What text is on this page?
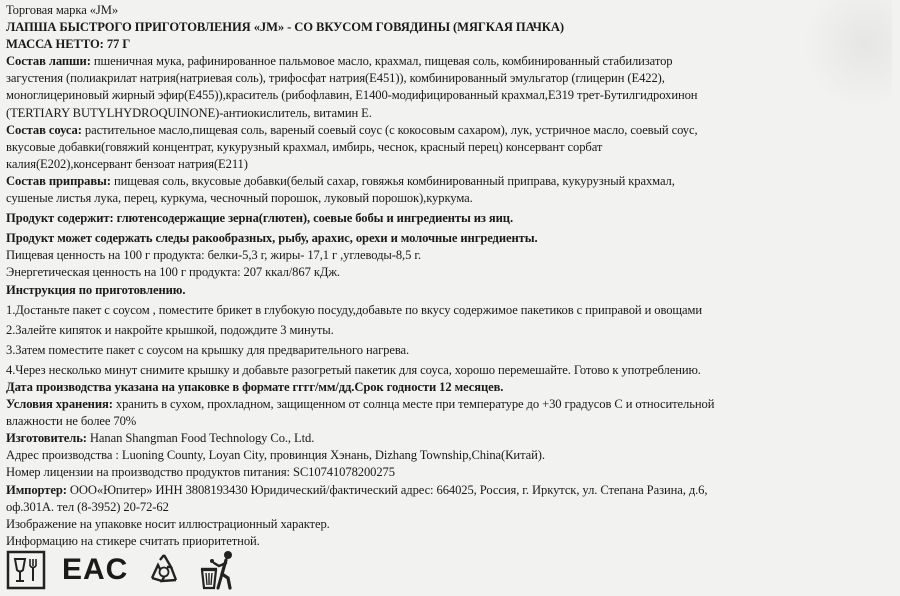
Торговая марка «JM»
ЛАПША БЫСТРОГО ПРИГОТОВЛЕНИЯ «JM» - СО ВКУСОМ ГОВЯДИНЫ (МЯГКАЯ ПАЧКА)
МАССА НЕТТО: 77 Г
Состав лапши: пшеничная мука, рафинированное пальмовое масло, крахмал, пищевая соль, комбинированный стабилизатор
загустения (полиакрилат натрия(натриевая соль), трифосфат натрия(Е451)), комбинированный эмульгатор (глицерин (Е422),
моноглицериновый жирный эфир(Е455)),краситель (рибофлавин, Е1400-модифицированный крахмал,Е319 трет-Бутилгидрохинон
(TERTIARY BUTYLHYDROQUINONE)-антиокислитель, витамин Е.
Состав соуса: растительное масло,пищевая соль, вареный соевый соус (с кокосовым сахаром), лук, устричное масло, соевый соус,
вкусовые добавки(говяжий концентрат, кукурузный крахмал, имбирь, чеснок, красный перец) консервант сорбат
калия(Е202),консервант бензоат натрия(Е211)
Состав приправы: пищевая соль, вкусовые добавки(белый сахар, говяжья комбинированный приправа, кукурузный крахмал,
сушеные листья лука, перец, куркума, чесночный порошок, луковый порошок),куркума.
Продукт содержит: глютенсодержащие зерна(глютен), соевые бобы и ингредиенты из яиц.
Продукт может содержать следы ракообразных, рыбу, арахис, орехи и молочные ингредиенты.
Пищевая ценность на 100 г продукта: белки-5,3 г, жиры- 17,1 г ,углеводы-8,5 г.
Энергетическая ценность на 100 г продукта: 207 ккал/867 кДж.
Инструкция по приготовлению.
1.Достаньте пакет с соусом , поместите брикет в глубокую посуду,добавьте по вкусу содержимое пакетиков с приправой и овощами
2.Залейте кипяток и накройте крышкой, подождите 3 минуты.
3.Затем поместите пакет с соусом на крышку для предварительного нагрева.
4.Через несколько минут снимите крышку и добавьте разогретый пакетик для соуса, хорошо перемешайте. Готово к употреблению.
Дата производства указана на упаковке в формате гггг/мм/дд.Срок годности 12 месяцев.
Условия хранения: хранить в сухом, прохладном, защищенном от солнца месте при температуре до +30 градусов С и относительной
влажности не более 70%
Изготовитель: Hanan Shangman Food Technology Co., Ltd.
Адрес производства : Luoning County, Loyan City, провинция Хэнань, Dizhang Township,China(Китай).
Номер лицензии на производство продуктов питания: SC10741078200275
Импортер: ООО«Юпитер» ИНН 3808193430 Юридический/фактический адрес: 664025, Россия, г. Иркутск, ул. Степана Разина, д.6,
оф.301А. тел (8-3952) 20-72-62
Изображение на упаковке носит иллюстрационный характер.
Информацию на стикере считать приоритетной.
EAC
